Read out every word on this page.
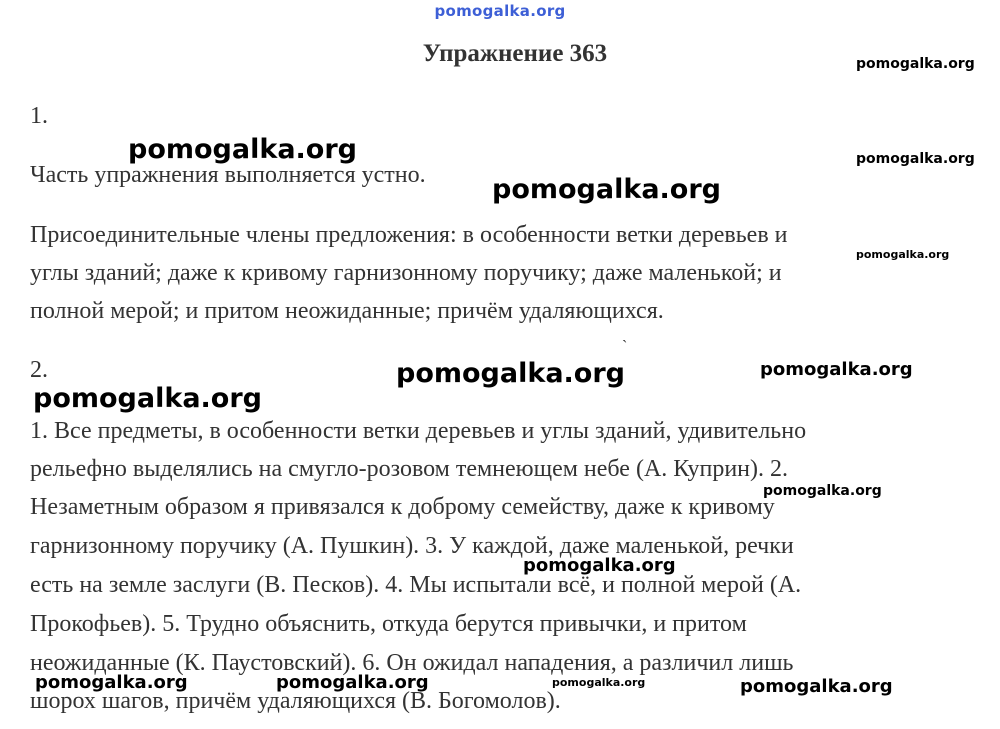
pomogalka.org
Упражнение 363
1.
Часть упражнения выполняется устно.
Присоединительные члены предложения: в особенности ветки деревьев и
углы зданий; даже к кривому гарнизонному поручику; даже маленькой; и
полной мерой; и притом неожиданные; причём удаляющихся.
`
2.
1. Все предметы, в особенности ветки деревьев и углы зданий, удивительно
рельефно выделялись на смугло-розовом темнеющем небе (А. Куприн). 2.
Незаметным образом я привязался к доброму семейству, даже к кривому
гарнизонному поручику (А. Пушкин). 3. У каждой, даже маленькой, речки
есть на земле заслуги (В. Песков). 4. Мы испытали всё, и полной мерой (А.
Прокофьев). 5. Трудно объяснить, откуда берутся привычки, и притом
неожиданные (К. Паустовский). 6. Он ожидал нападения, а различил лишь
шорох шагов, причём удаляющихся (В. Богомолов).
pomogalka.org
pomogalka.org	pomogalka.org
pomogalka.org
pomogalka.org
pomogalka.org
pomogalka.org
pomogalka.org
pomogalka.org
pomogalka.org
pomogalka.org	pomogalka.org	pomogalka.org	pomogalka.org
